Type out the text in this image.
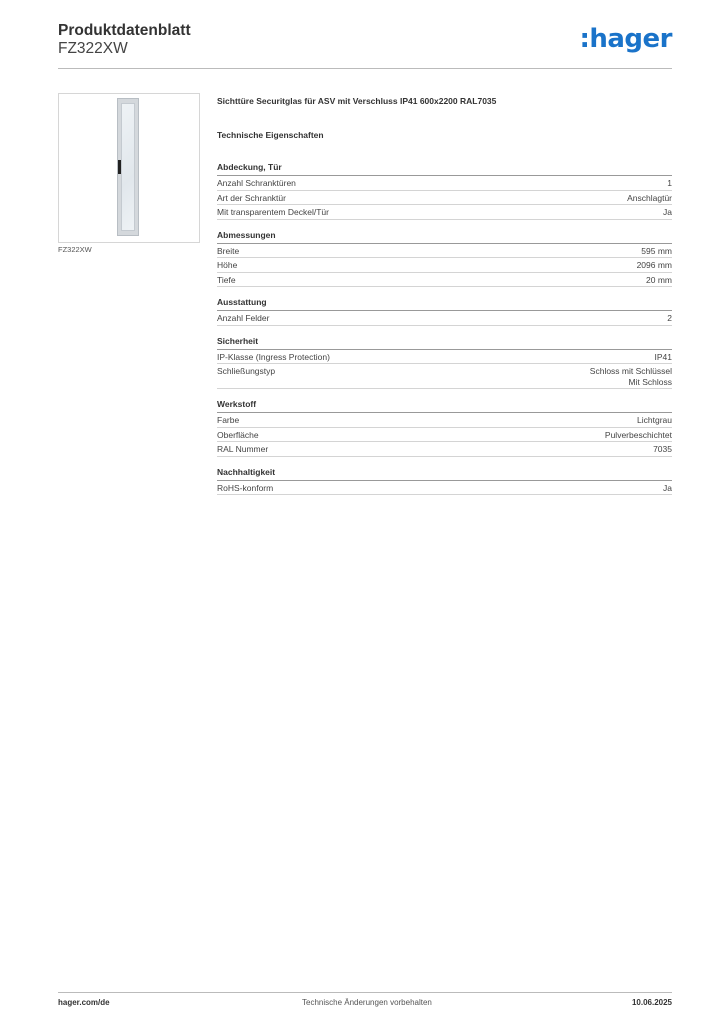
Produktdatenblatt
FZ322XW	:hager
FZ322XW
Sichttüre Securitglas für ASV mit Verschluss IP41 600x2200 RAL7035
Technische Eigenschaften
Abdeckung, Tür
Anzahl Schranktüren	1
Art der Schranktür	Anschlagtür
Mit transparentem Deckel/Tür	Ja
Abmessungen
Breite	595 mm
Höhe	2096 mm
Tiefe	20 mm
Ausstattung
Anzahl Felder	2
Sicherheit
IP-Klasse (Ingress Protection)	IP41
Schließungstyp	Schloss mit Schlüssel
Mit Schloss
Werkstoff
Farbe	Lichtgrau
Oberfläche	Pulverbeschichtet
RAL Nummer	7035
Nachhaltigkeit
RoHS-konform	Ja
hager.com/de	Technische Änderungen vorbehalten	10.06.2025
